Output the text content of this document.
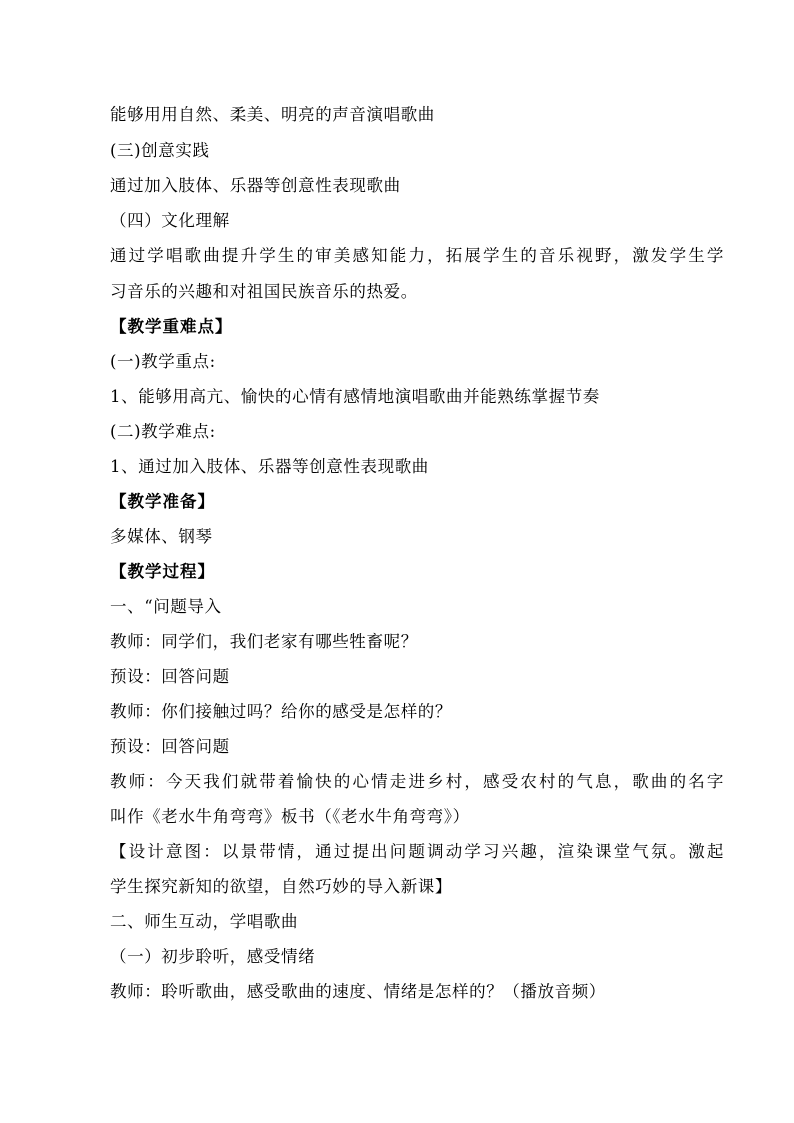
能够用用自然、柔美、明亮的声音演唱歌曲
(三)创意实践
通过加入肢体、乐器等创意性表现歌曲
（四）文化理解
通过学唱歌曲提升学生的审美感知能力，拓展学生的音乐视野，激发学生学
习音乐的兴趣和对祖国民族音乐的热爱。
【教学重难点】
(一)教学重点:
1、能够用高亢、愉快的心情有感情地演唱歌曲并能熟练掌握节奏
(二)教学难点:
1、通过加入肢体、乐器等创意性表现歌曲
【教学准备】
多媒体、钢琴
【教学过程】
一、“问题导入
教师：同学们，我们老家有哪些牲畜呢？
预设：回答问题
教师：你们接触过吗？给你的感受是怎样的？
预设：回答问题
教师：今天我们就带着愉快的心情走进乡村，感受农村的气息，歌曲的名字
叫作《老水牛角弯弯》板书（《老水牛角弯弯》）
【设计意图：以景带情，通过提出问题调动学习兴趣，渲染课堂气氛。激起
学生探究新知的欲望，自然巧妙的导入新课】
二、师生互动，学唱歌曲
（一）初步聆听，感受情绪
教师：聆听歌曲，感受歌曲的速度、情绪是怎样的？（播放音频）
